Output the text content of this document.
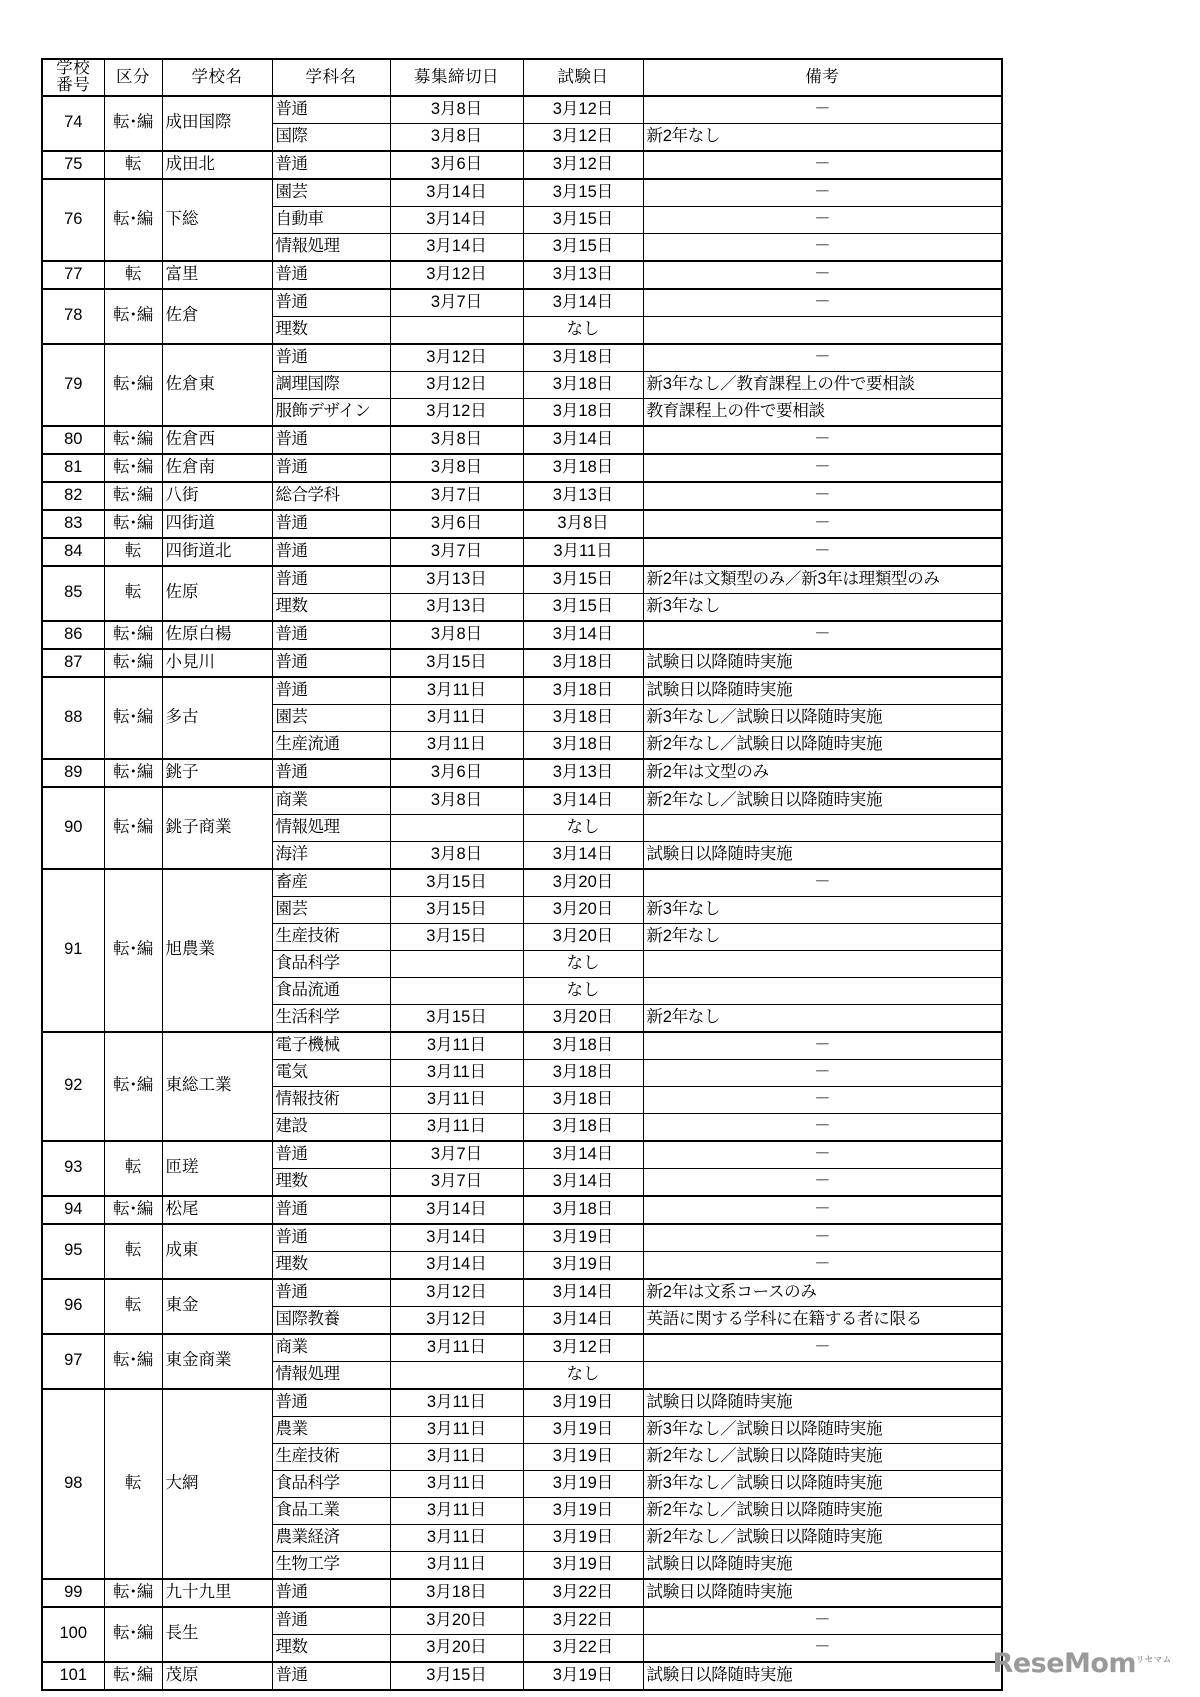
学校
番号	区分	学校名	学科名	募集締切日	試験日	備考
74	転･編	成田国際	普通	3月8日	3月12日	－
			国際	3月8日	3月12日	新2年なし
75	転	成田北	普通	3月6日	3月12日	－
76	転･編	下総	園芸	3月14日	3月15日	－
			自動車	3月14日	3月15日	－
			情報処理	3月14日	3月15日	－
77	転	富里	普通	3月12日	3月13日	－
78	転･編	佐倉	普通	3月7日	3月14日	－
			理数		なし	
79	転･編	佐倉東	普通	3月12日	3月18日	－
			調理国際	3月12日	3月18日	新3年なし／教育課程上の件で要相談
			服飾デザイン	3月12日	3月18日	教育課程上の件で要相談
80	転･編	佐倉西	普通	3月8日	3月14日	－
81	転･編	佐倉南	普通	3月8日	3月18日	－
82	転･編	八街	総合学科	3月7日	3月13日	－
83	転･編	四街道	普通	3月6日	3月8日	－
84	転	四街道北	普通	3月7日	3月11日	－
85	転	佐原	普通	3月13日	3月15日	新2年は文類型のみ／新3年は理類型のみ
			理数	3月13日	3月15日	新3年なし
86	転･編	佐原白楊	普通	3月8日	3月14日	－
87	転･編	小見川	普通	3月15日	3月18日	試験日以降随時実施
88	転･編	多古	普通	3月11日	3月18日	試験日以降随時実施
			園芸	3月11日	3月18日	新3年なし／試験日以降随時実施
			生産流通	3月11日	3月18日	新2年なし／試験日以降随時実施
89	転･編	銚子	普通	3月6日	3月13日	新2年は文型のみ
90	転･編	銚子商業	商業	3月8日	3月14日	新2年なし／試験日以降随時実施
			情報処理		なし	
			海洋	3月8日	3月14日	試験日以降随時実施
91	転･編	旭農業	畜産	3月15日	3月20日	－
			園芸	3月15日	3月20日	新3年なし
			生産技術	3月15日	3月20日	新2年なし
			食品科学		なし	
			食品流通		なし	
			生活科学	3月15日	3月20日	新2年なし
92	転･編	東総工業	電子機械	3月11日	3月18日	－
			電気	3月11日	3月18日	－
			情報技術	3月11日	3月18日	－
			建設	3月11日	3月18日	－
93	転	匝瑳	普通	3月7日	3月14日	－
			理数	3月7日	3月14日	－
94	転･編	松尾	普通	3月14日	3月18日	－
95	転	成東	普通	3月14日	3月19日	－
			理数	3月14日	3月19日	－
96	転	東金	普通	3月12日	3月14日	新2年は文系コースのみ
			国際教養	3月12日	3月14日	英語に関する学科に在籍する者に限る
97	転･編	東金商業	商業	3月11日	3月12日	－
			情報処理		なし	
98	転	大網	普通	3月11日	3月19日	試験日以降随時実施
			農業	3月11日	3月19日	新3年なし／試験日以降随時実施
			生産技術	3月11日	3月19日	新2年なし／試験日以降随時実施
			食品科学	3月11日	3月19日	新3年なし／試験日以降随時実施
			食品工業	3月11日	3月19日	新2年なし／試験日以降随時実施
			農業経済	3月11日	3月19日	新2年なし／試験日以降随時実施
			生物工学	3月11日	3月19日	試験日以降随時実施
99	転･編	九十九里	普通	3月18日	3月22日	試験日以降随時実施
100	転･編	長生	普通	3月20日	3月22日	－
			理数	3月20日	3月22日	－
101	転･編	茂原	普通	3月15日	3月19日	試験日以降随時実施	ReseMom$^{リセマム}$
